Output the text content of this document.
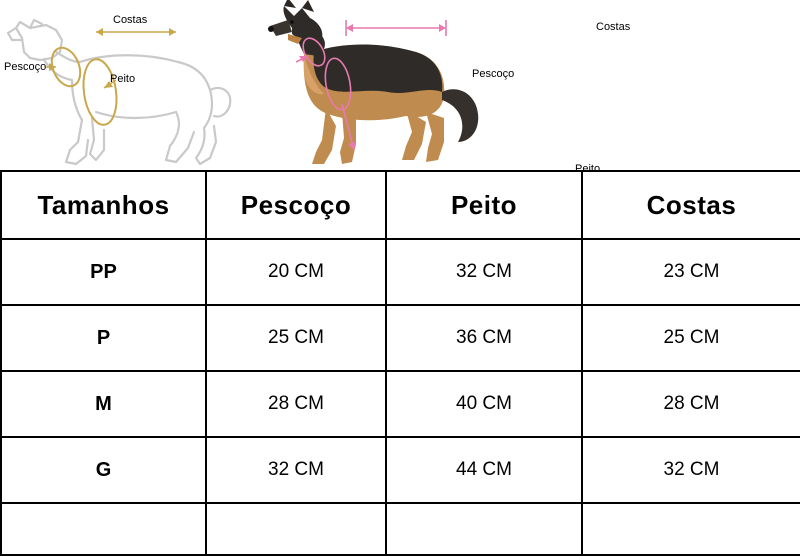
Costas
Pescoço
Peito
Costas
Pescoço
Peito
Tamanhos	Pescoço	Peito	Costas
PP	20 CM	32 CM	23 CM
P	25 CM	36 CM	25 CM
M	28 CM	40 CM	28 CM
G	32 CM	44 CM	32 CM
